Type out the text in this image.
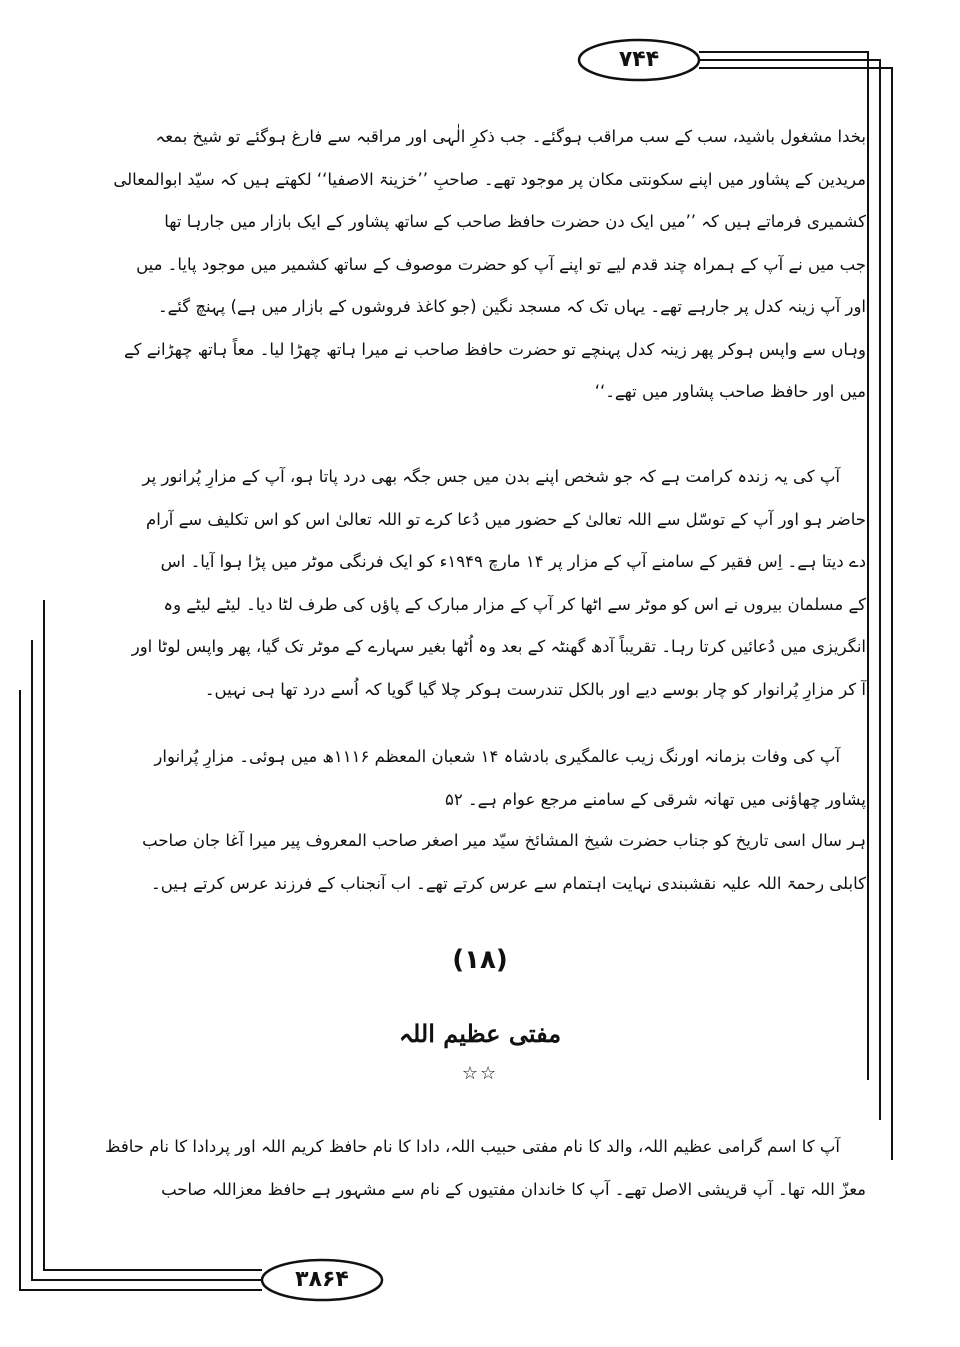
۷۴۴

بخدا مشغول باشید، سب کے سب مراقب ہوگئے۔ جب ذکرِ الٰہی اور مراقبہ سے فارغ ہوگئے تو شیخ بمعہ

مریدین کے پشاور میں اپنے سکونتی مکان پر موجود تھے۔ صاحبِ ’’خزینۃ الاصفیا‘‘ لکھتے ہیں کہ سیّد ابوالمعالی

کشمیری فرماتے ہیں کہ ’’میں ایک دن حضرت حافظ صاحب کے ساتھ پشاور کے ایک بازار میں جارہا تھا

جب میں نے آپ کے ہمراہ چند قدم لیے تو اپنے آپ کو حضرت موصوف کے ساتھ کشمیر میں موجود پایا۔ میں

اور آپ زینہ کدل پر جارہے تھے۔ یہاں تک کہ مسجد نگین (جو کاغذ فروشوں کے بازار میں ہے) پہنچ گئے۔

وہاں سے واپس ہوکر پھر زینہ کدل پہنچے تو حضرت حافظ صاحب نے میرا ہاتھ چھڑا لیا۔ معاً ہاتھ چھڑانے کے

میں اور حافظ صاحب پشاور میں تھے۔‘‘

آپ کی یہ زندہ کرامت ہے کہ جو شخص اپنے بدن میں جس جگہ بھی درد پاتا ہو، آپ کے مزارِ پُرانور پر

حاضر ہو اور آپ کے توسّل سے اللہ تعالیٰ کے حضور میں دُعا کرے تو اللہ تعالیٰ اس کو اس تکلیف سے آرام

دے دیتا ہے۔ اِس فقیر کے سامنے آپ کے مزار پر ۱۴ مارچ ۱۹۴۹ء کو ایک فرنگی موٹر میں پڑا ہوا آیا۔ اس

کے مسلمان بیروں نے اس کو موٹر سے اٹھا کر آپ کے مزار مبارک کے پاؤں کی طرف لٹا دیا۔ لیٹے لیٹے وہ

انگریزی میں دُعائیں کرتا رہا۔ تقریباً آدھ گھنٹہ کے بعد وہ اُٹھا بغیر سہارے کے موٹر تک گیا، پھر واپس لوٹا اور

آ کر مزارِ پُرانوار کو چار بوسے دیے اور بالکل تندرست ہوکر چلا گیا گویا کہ اُسے درد تھا ہی نہیں۔

آپ کی وفات بزمانہ اورنگ زیب عالمگیری بادشاہ ۱۴ شعبان المعظم ۱۱۱۶ھ میں ہوئی۔ مزارِ پُرانوار

پشاور چھاؤنی میں تھانہ شرقی کے سامنے مرجع عوام ہے۔ ۵۲

ہر سال اسی تاریخ کو جناب حضرت شیخ المشائخ سیّد میر اصغر صاحب المعروف پیر میرا آغا جان صاحب

کابلی رحمۃ اللہ علیہ نقشبندی نہایت اہتمام سے عرس کرتے تھے۔ اب آنجناب کے فرزند عرس کرتے ہیں۔

(۱۸)
مفتی عظیم اللہ
☆☆

آپ کا اسم گرامی عظیم اللہ، والد کا نام مفتی حبیب اللہ، دادا کا نام حافظ کریم اللہ اور پردادا کا نام حافظ

معزّ اللہ تھا۔ آپ قریشی الاصل تھے۔ آپ کا خاندان مفتیوں کے نام سے مشہور ہے حافظ معزاللہ صاحب

۳۸۶۴
